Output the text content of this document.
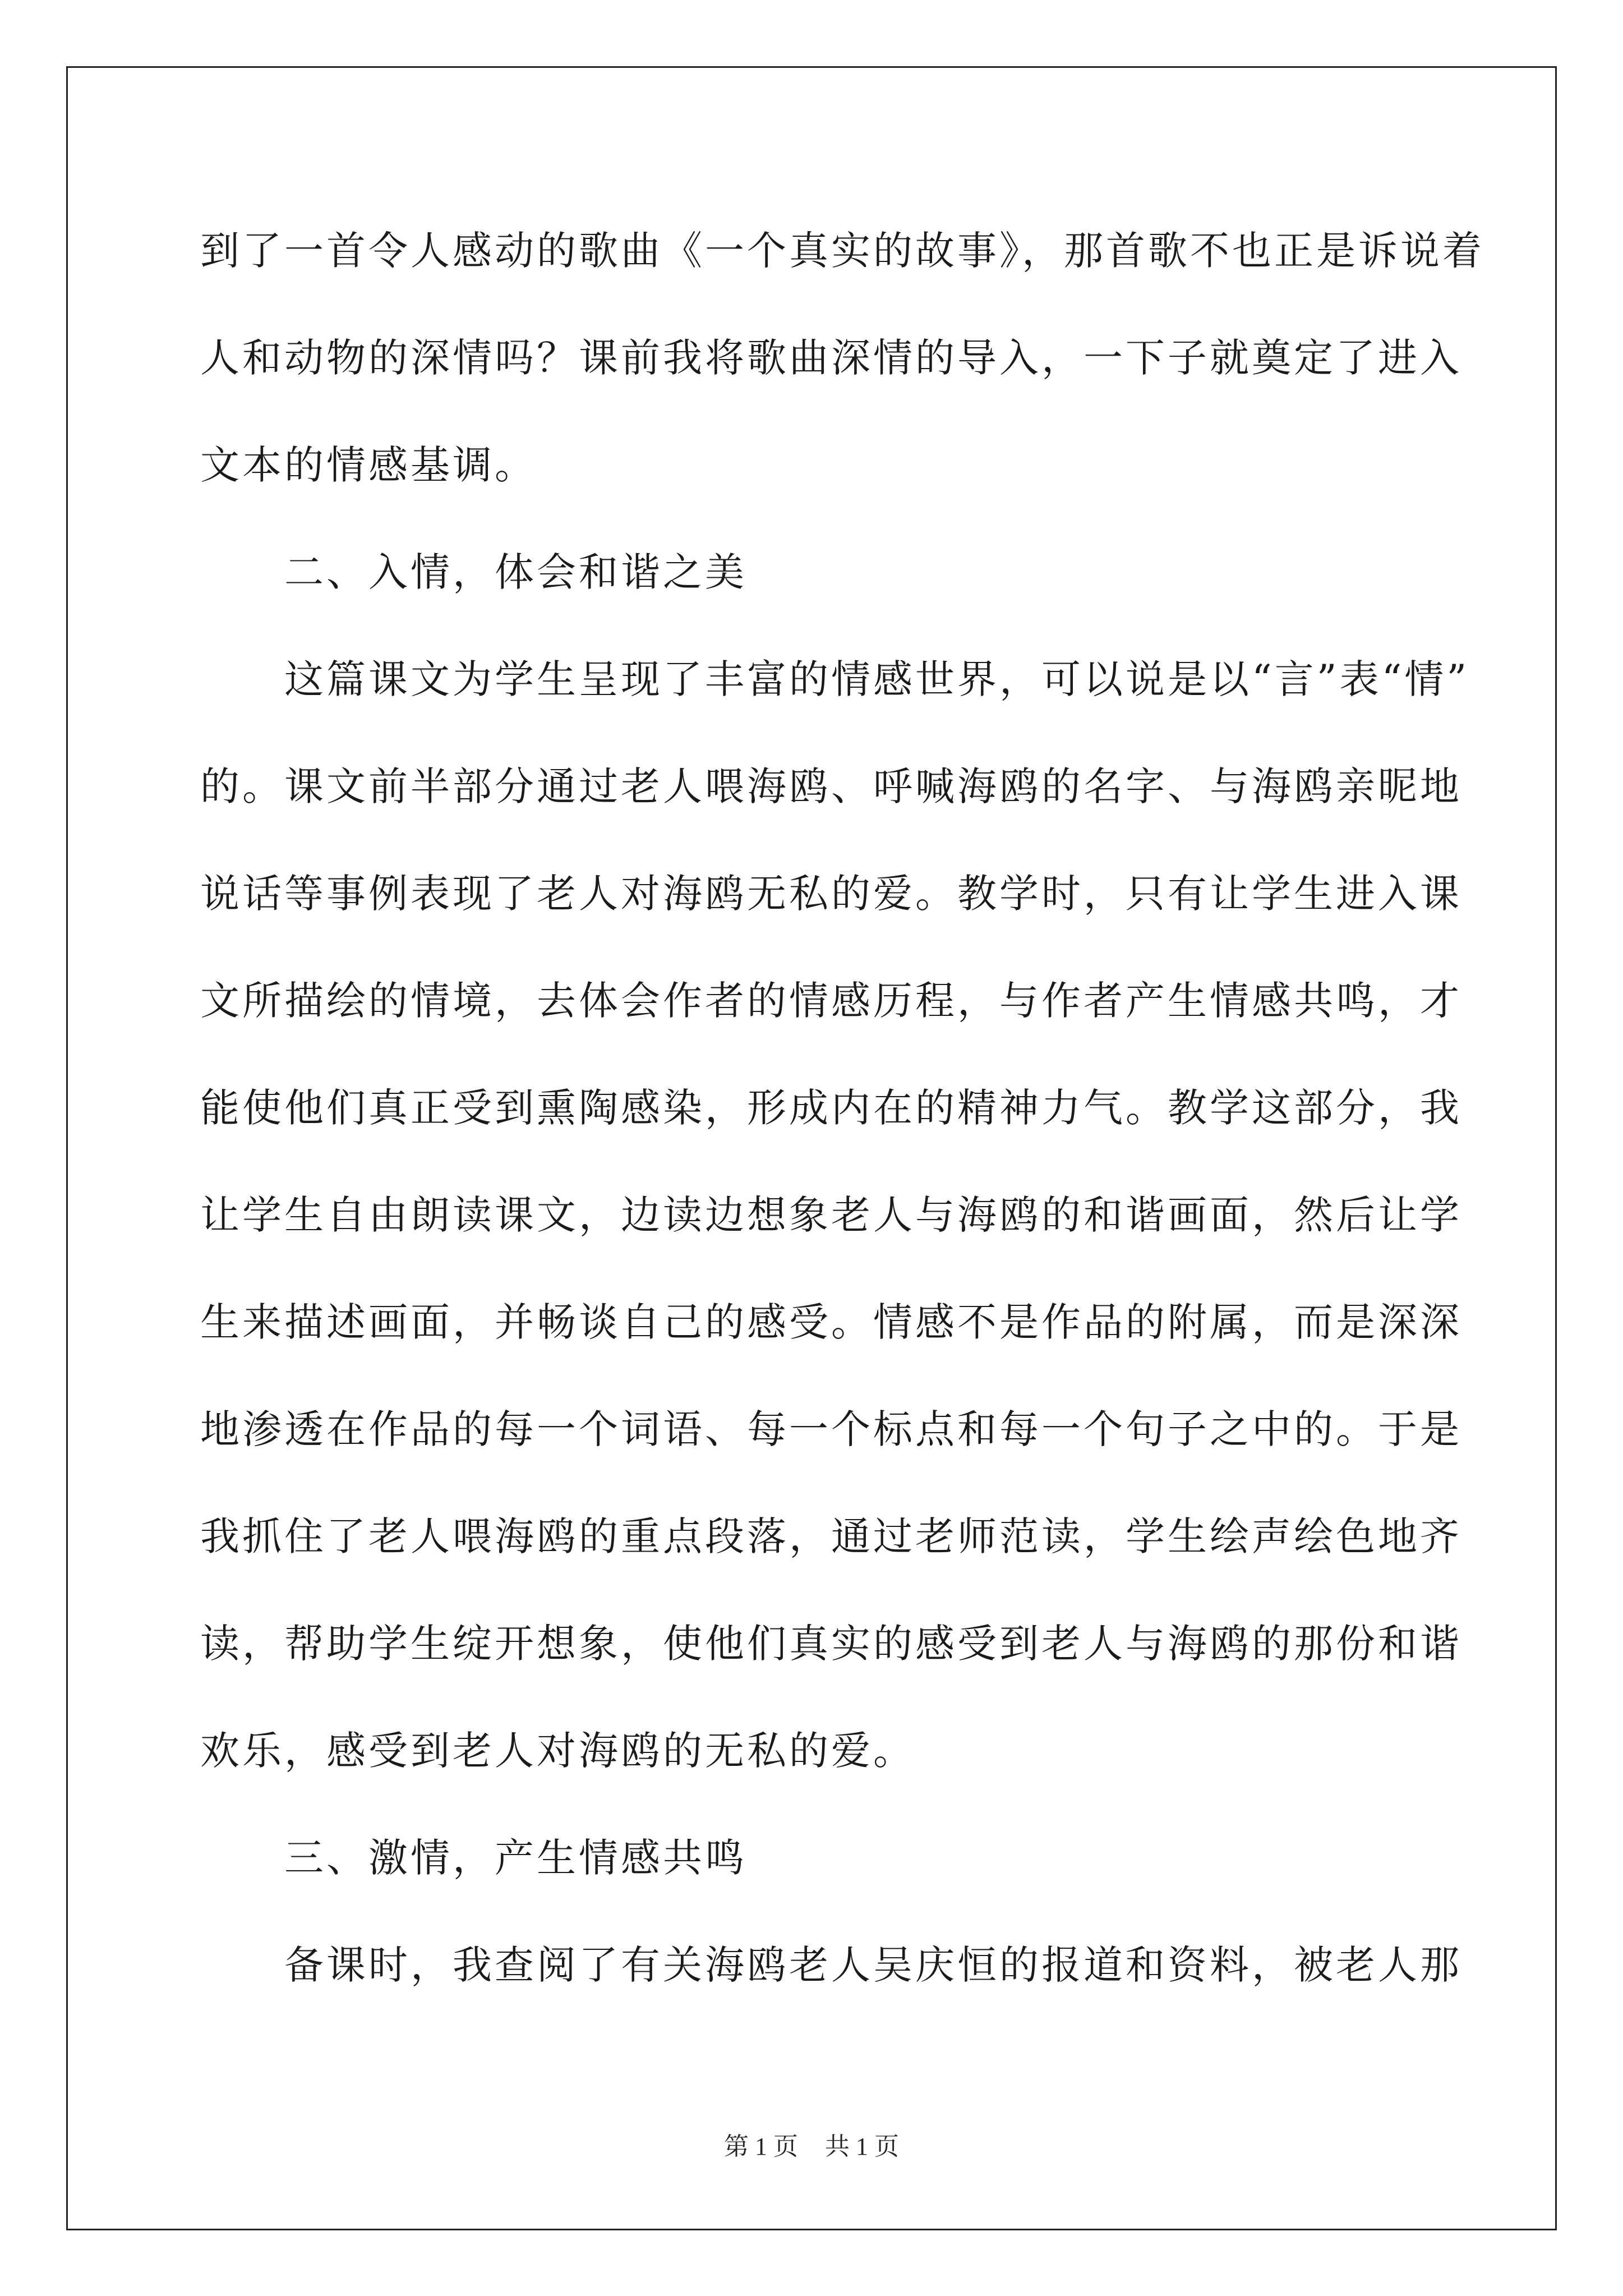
到了一首令人感动的歌曲《一个真实的故事》，那首歌不也正是诉说着
人和动物的深情吗？课前我将歌曲深情的导入，一下子就奠定了进入
文本的情感基调。
　　二、入情，体会和谐之美
　　这篇课文为学生呈现了丰富的情感世界，可以说是以“言”表“情”
的。课文前半部分通过老人喂海鸥、呼喊海鸥的名字、与海鸥亲昵地
说话等事例表现了老人对海鸥无私的爱。教学时，只有让学生进入课
文所描绘的情境，去体会作者的情感历程，与作者产生情感共鸣，才
能使他们真正受到熏陶感染，形成内在的精神力气。教学这部分，我
让学生自由朗读课文，边读边想象老人与海鸥的和谐画面，然后让学
生来描述画面，并畅谈自己的感受。情感不是作品的附属，而是深深
地渗透在作品的每一个词语、每一个标点和每一个句子之中的。于是
我抓住了老人喂海鸥的重点段落，通过老师范读，学生绘声绘色地齐
读，帮助学生绽开想象，使他们真实的感受到老人与海鸥的那份和谐
欢乐，感受到老人对海鸥的无私的爱。
　　三、激情，产生情感共鸣
　　备课时，我查阅了有关海鸥老人吴庆恒的报道和资料，被老人那
第 1 页 共 1 页
